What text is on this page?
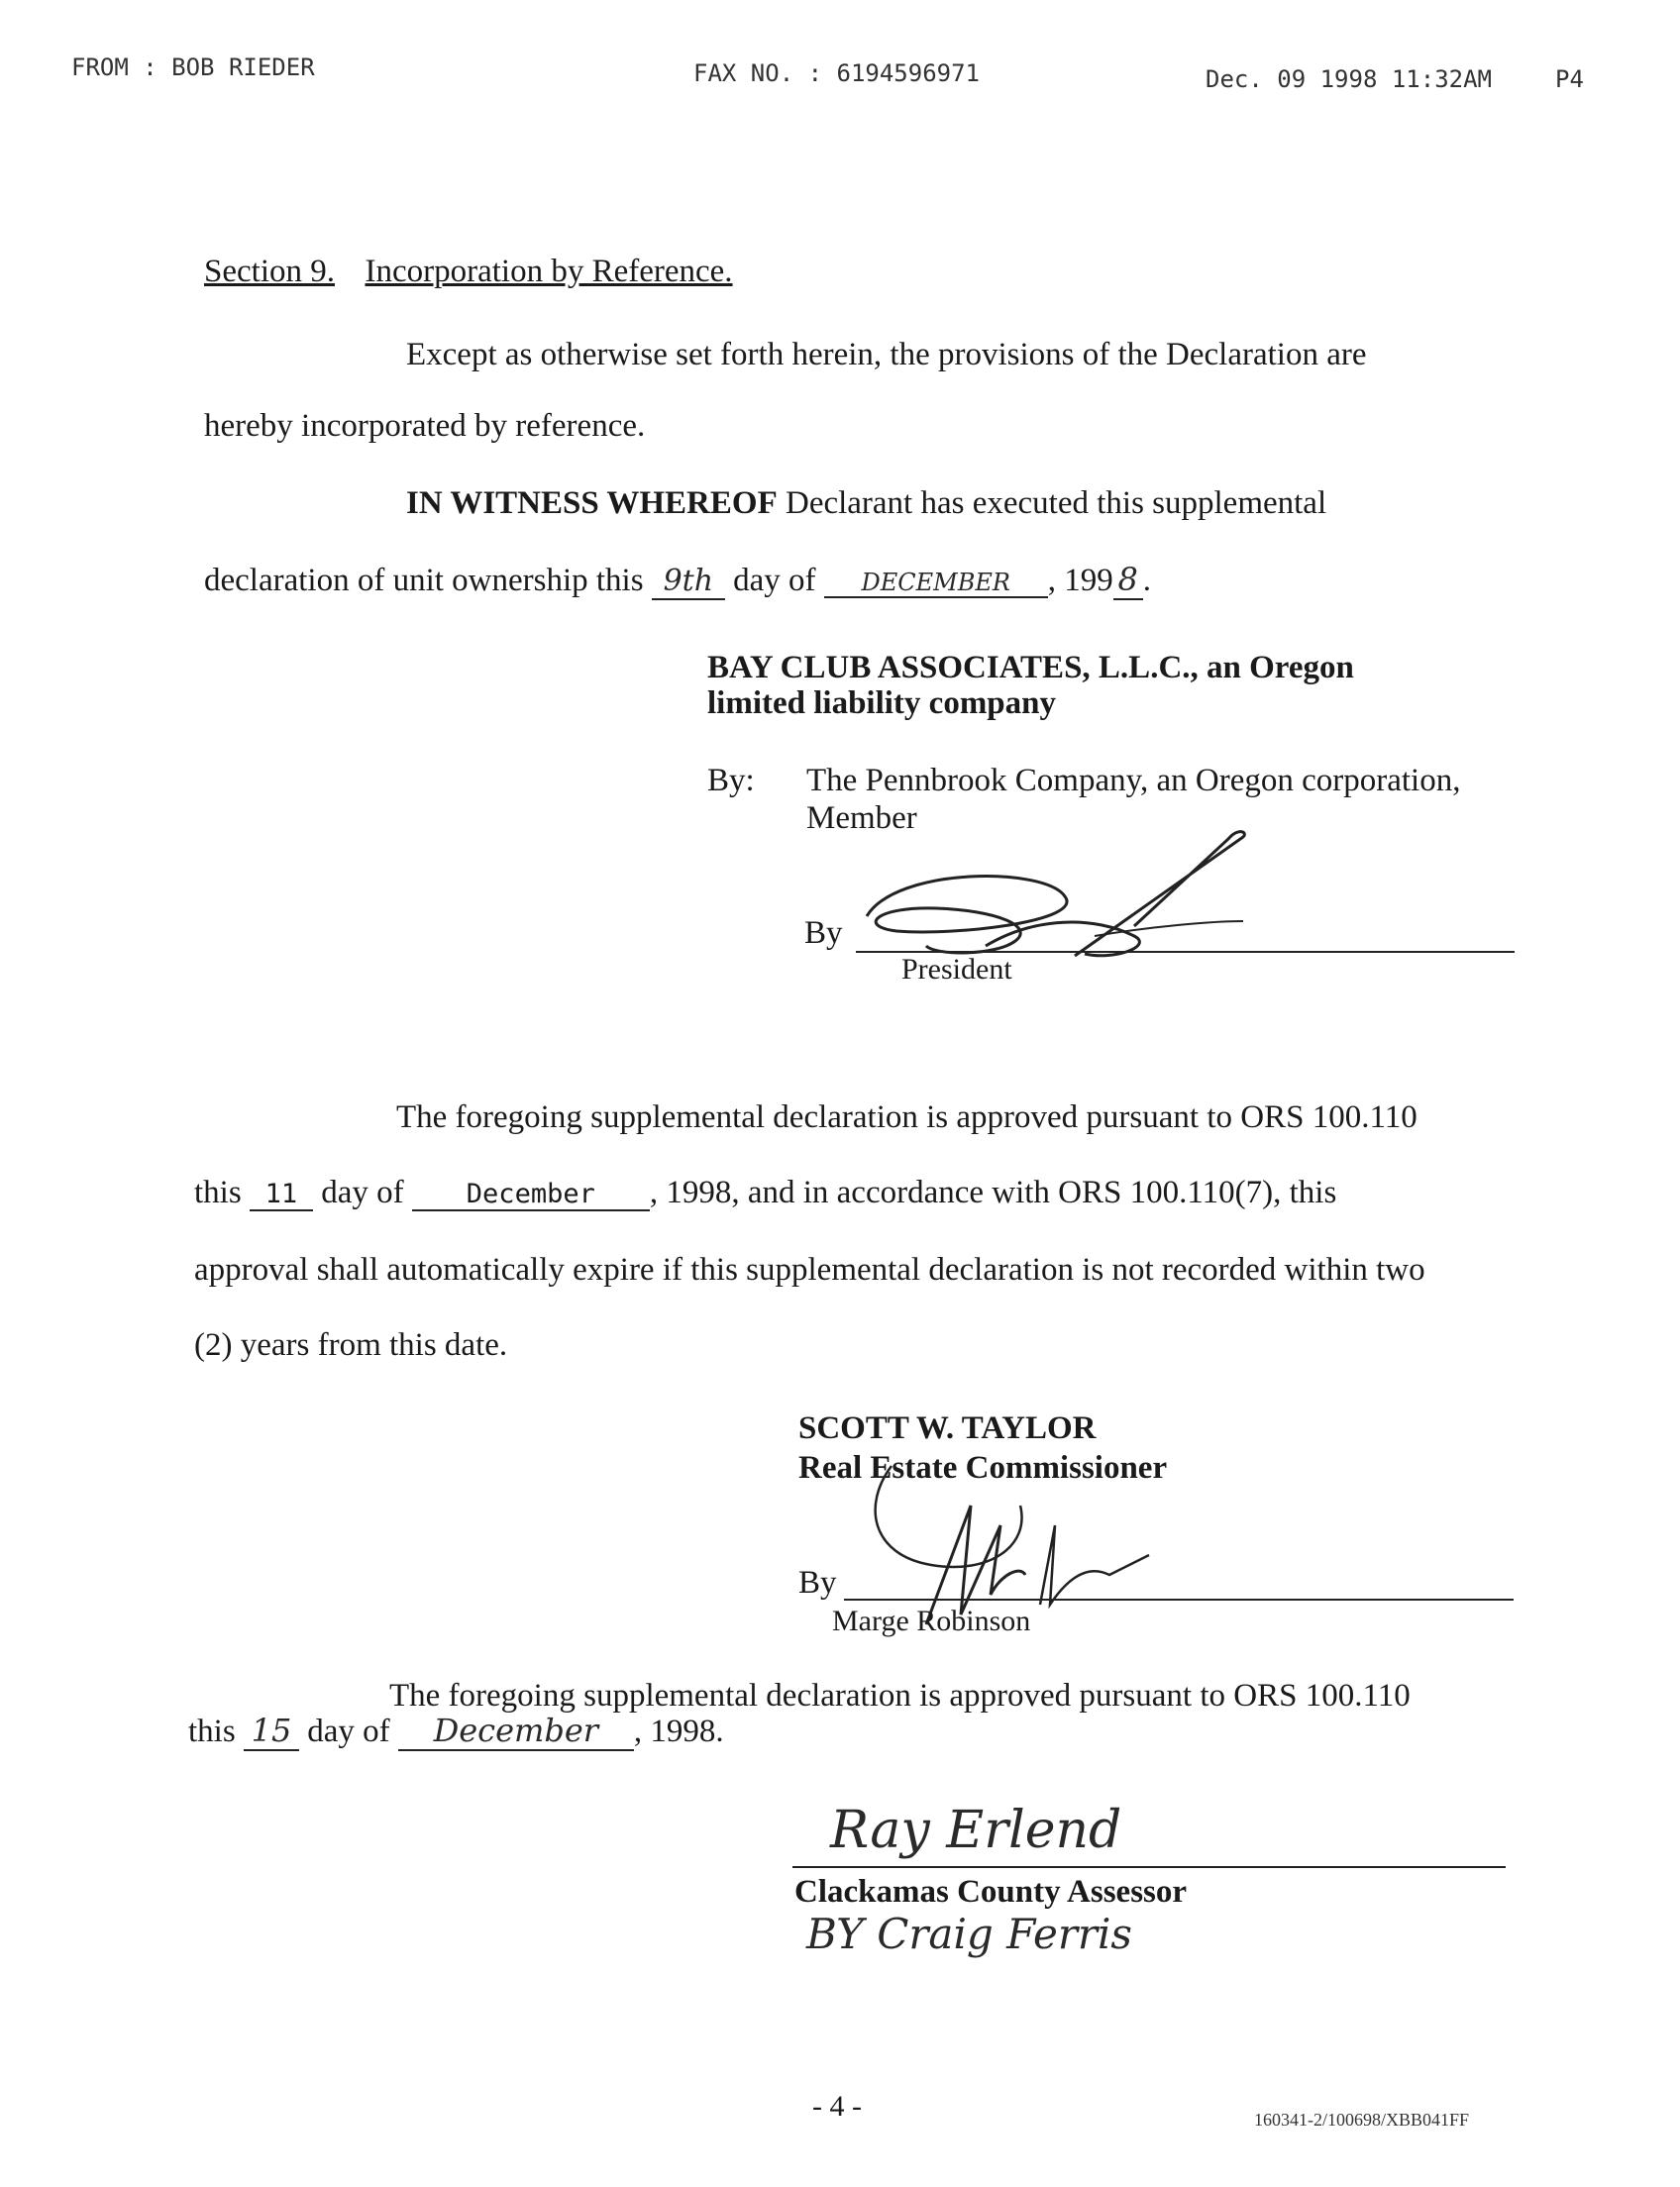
FROM : BOB RIEDER	FAX NO. : 6194596971	Dec. 09 1998 11:32AM	P4
Section 9. Incorporation by Reference.
Except as otherwise set forth herein, the provisions of the Declaration are
hereby incorporated by reference.
IN WITNESS WHEREOF Declarant has executed this supplemental
declaration of unit ownership this 9th day of DECEMBER , 199 8 .
BAY CLUB ASSOCIATES, L.L.C., an Oregon
limited liability company
By: The Pennbrook Company, an Oregon corporation,
Member
By
President
The foregoing supplemental declaration is approved pursuant to ORS 100.110
this 11 day of December , 1998, and in accordance with ORS 100.110(7), this
approval shall automatically expire if this supplemental declaration is not recorded within two
(2) years from this date.
SCOTT W. TAYLOR
Real Estate Commissioner
By
Marge Robinson
The foregoing supplemental declaration is approved pursuant to ORS 100.110
this 15 day of December , 1998.
Ray Erlend
Clackamas County Assessor
BY Craig Ferris
- 4 -	160341-2/100698/XBB041FF
